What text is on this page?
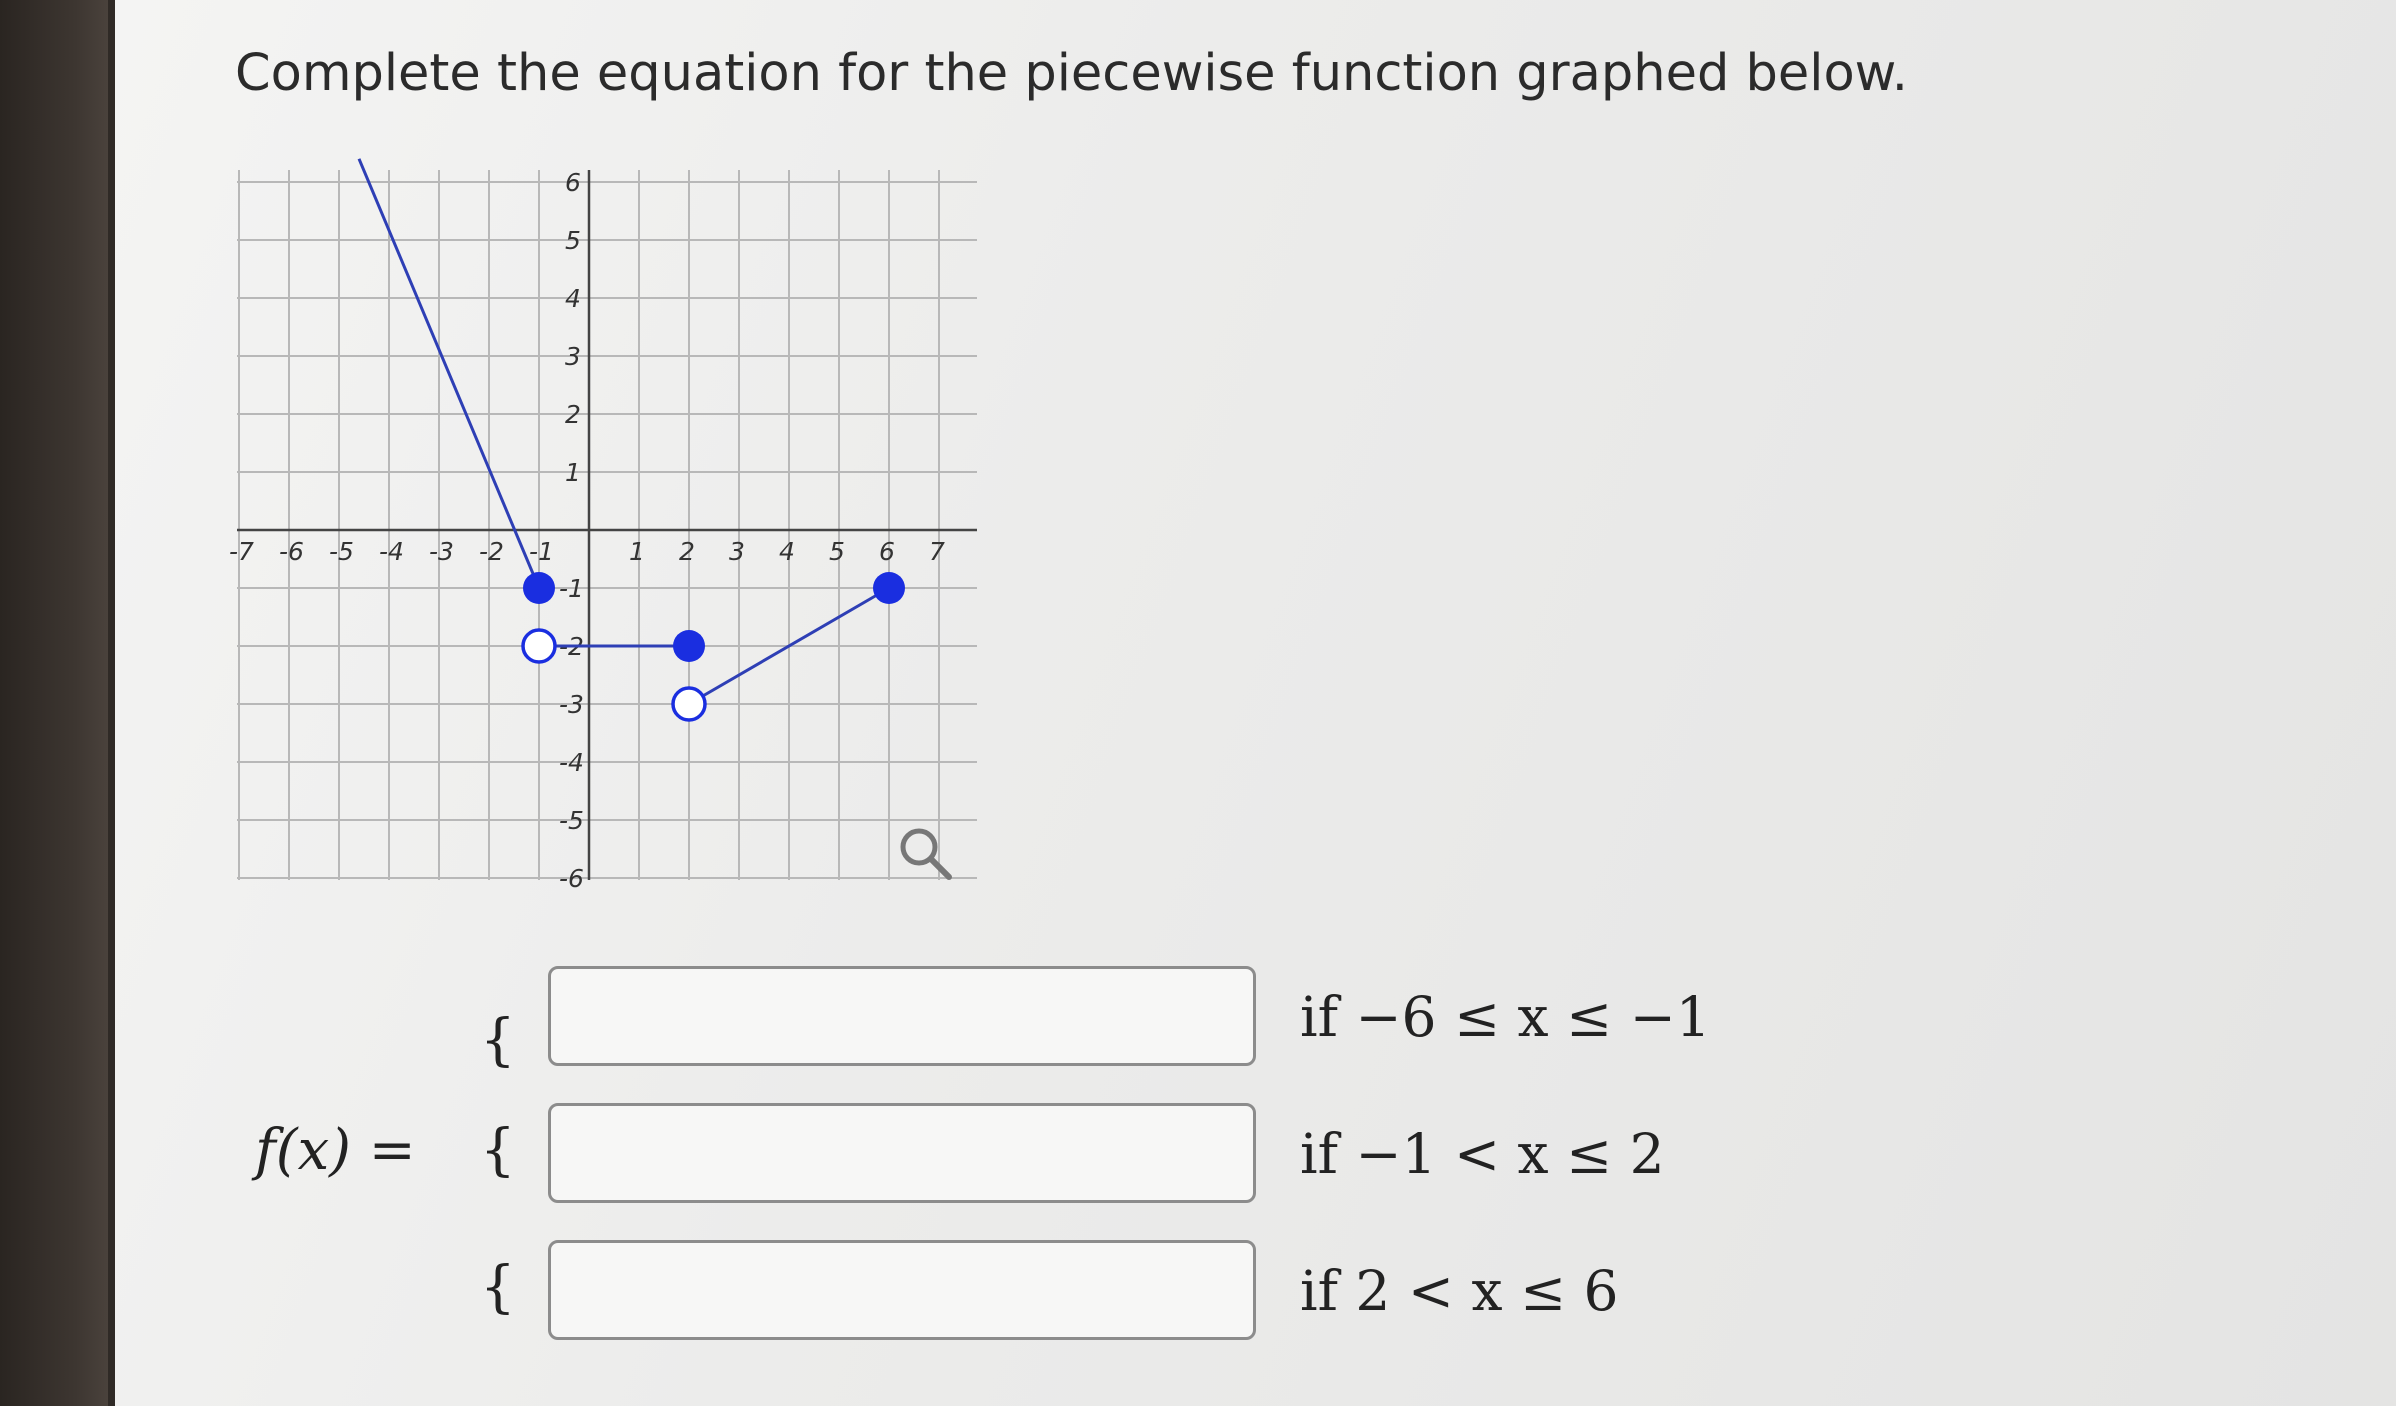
Complete the equation for the piecewise function graphed below.
-7 -6 -5 -4 -3 -2 -1	1 2 3 4 5 6 7
6
5
4
3
2
1
-1
-2
-3
-4
-5
-6
f(x) =
{
{
{
if −6 ≤ x ≤ −1
if −1 < x ≤ 2
if 2 < x ≤ 6
